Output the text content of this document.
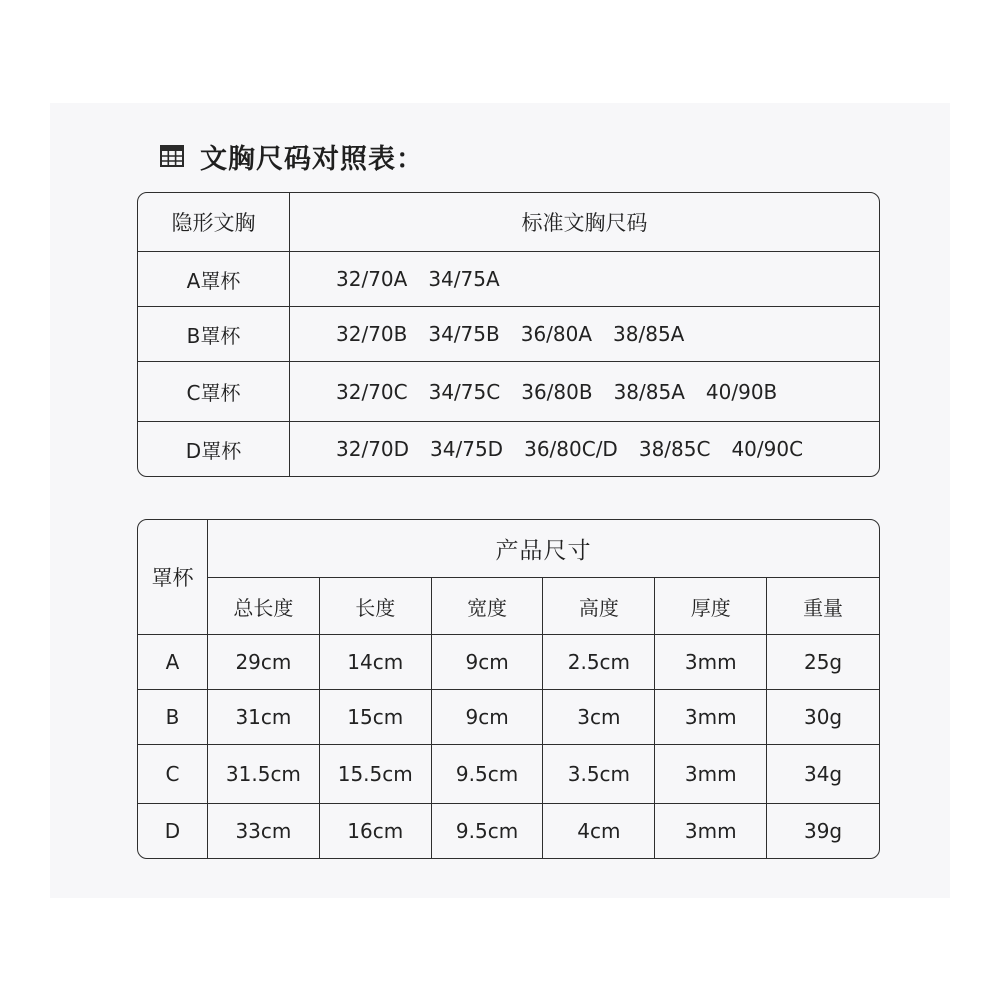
文胸尺码对照表：
隐形文胸	标准文胸尺码
A罩杯	32/70A 34/75A
B罩杯	32/70B 34/75B 36/80A 38/85A
C罩杯	32/70C 34/75C 36/80B 38/85A 40/90B
D罩杯	32/70D 34/75D 36/80C/D 38/85C 40/90C
罩杯	产品尺寸					
	总长度	长度	宽度	高度	厚度	重量
A	29cm	14cm	9cm	2.5cm	3mm	25g
B	31cm	15cm	9cm	3cm	3mm	30g
C	31.5cm	15.5cm	9.5cm	3.5cm	3mm	34g
D	33cm	16cm	9.5cm	4cm	3mm	39g
